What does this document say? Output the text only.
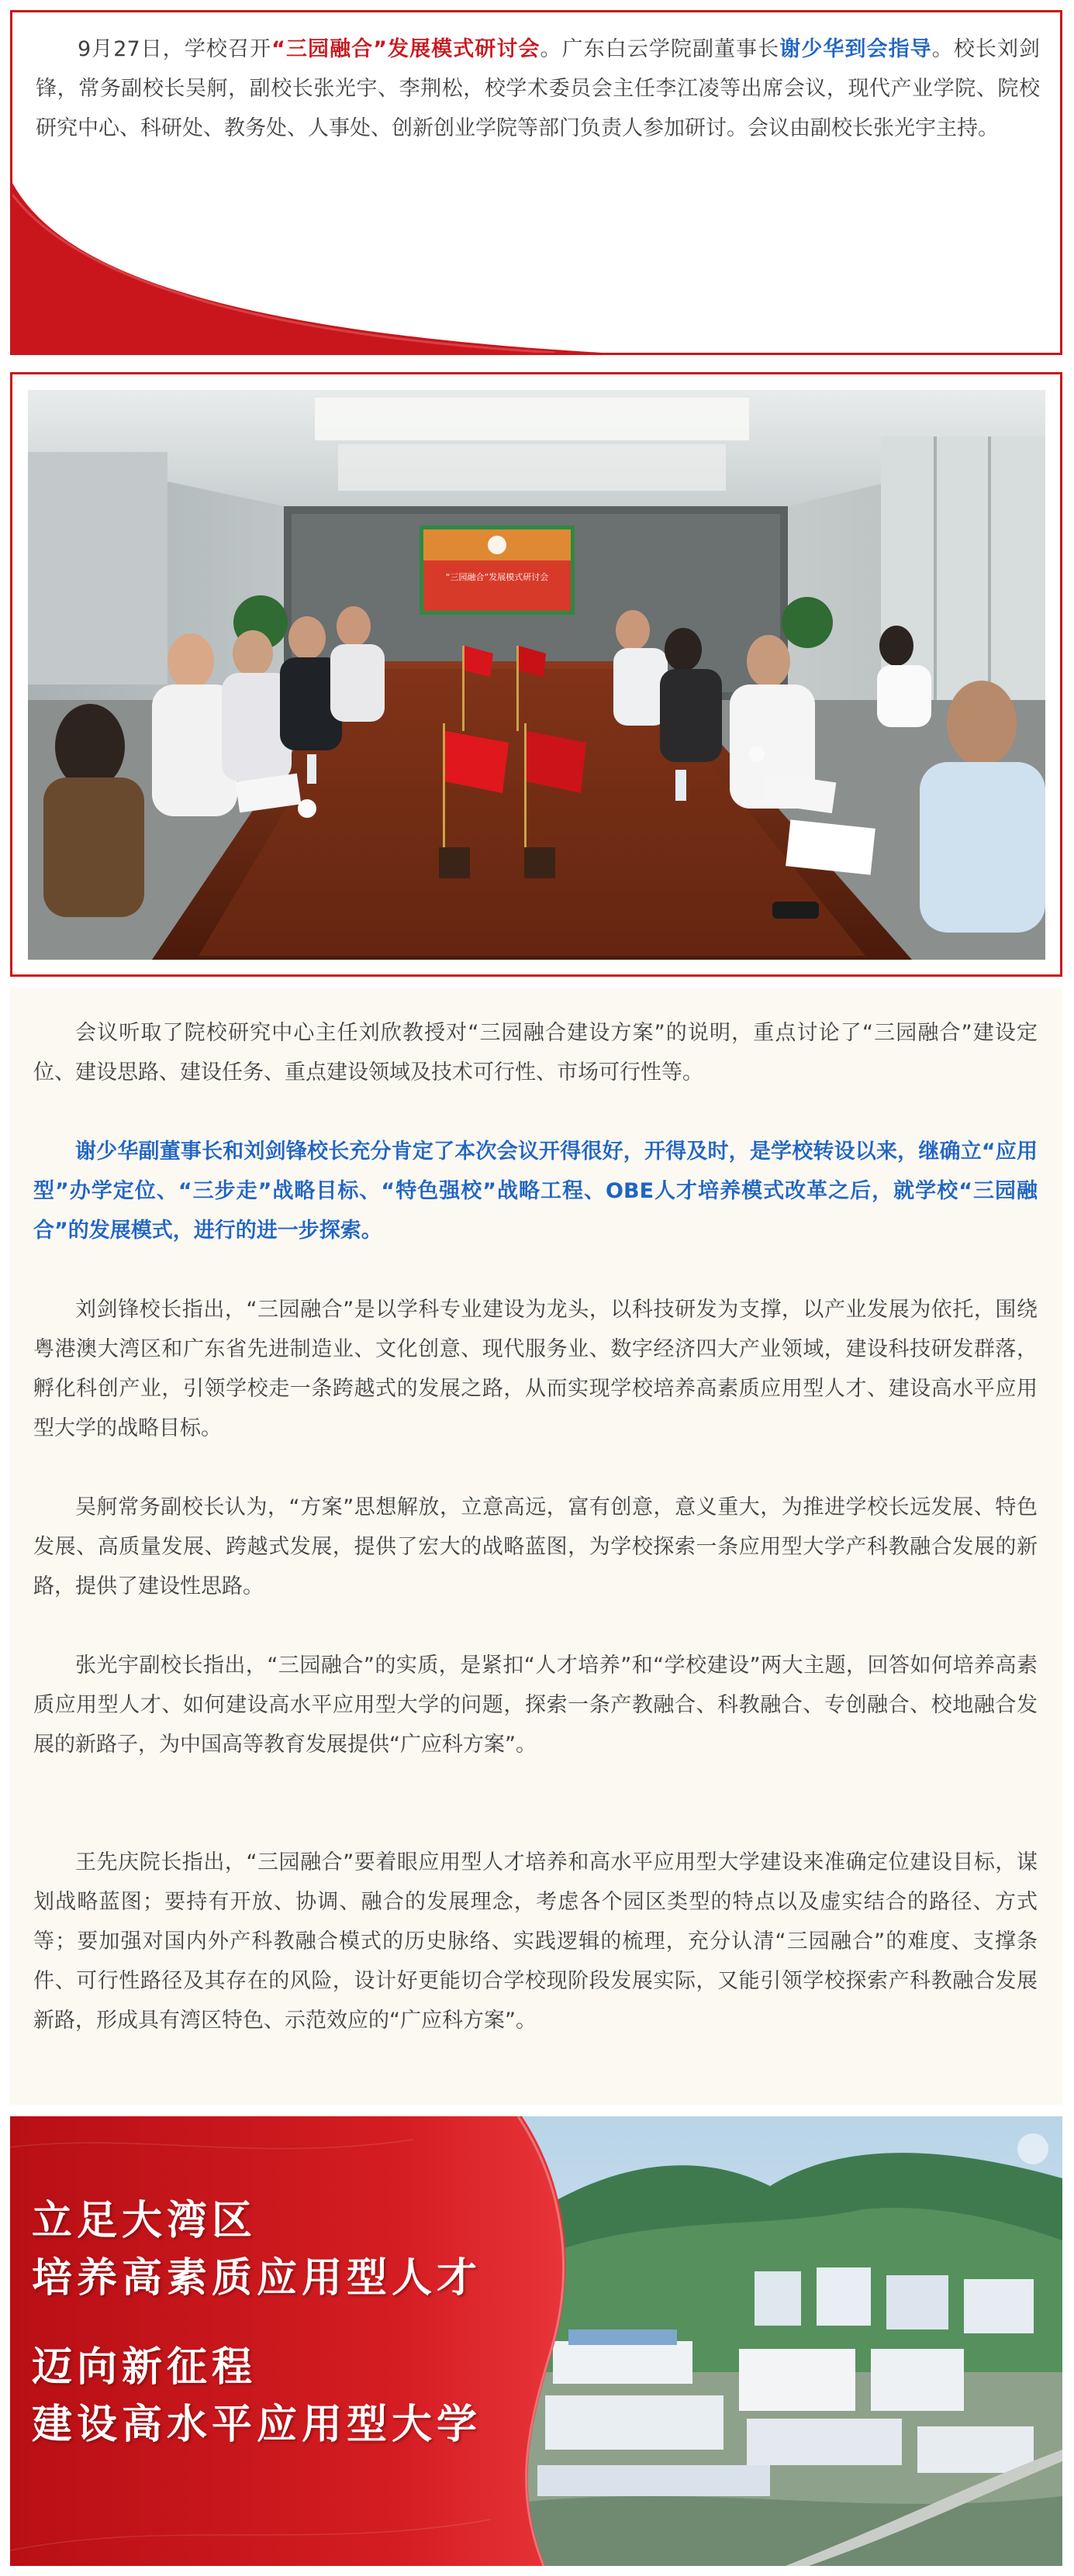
9月27日，学校召开“三园融合”发展模式研讨会。广东白云学院副董事长谢少华到会指导。校长刘剑锋，常务副校长吴舸，副校长张光宇、李荆松，校学术委员会主任李江凌等出席会议，现代产业学院、院校研究中心、科研处、教务处、人事处、创新创业学院等部门负责人参加研讨。会议由副校长张光宇主持。
“三园融合”发展模式研讨会

会议听取了院校研究中心主任刘欣教授对“三园融合建设方案”的说明，重点讨论了“三园融合”建设定位、建设思路、建设任务、重点建设领域及技术可行性、市场可行性等。

谢少华副董事长和刘剑锋校长充分肯定了本次会议开得很好，开得及时，是学校转设以来，继确立“应用型”办学定位、“三步走”战略目标、“特色强校”战略工程、OBE人才培养模式改革之后，就学校“三园融合”的发展模式，进行的进一步探索。

刘剑锋校长指出，“三园融合”是以学科专业建设为龙头，以科技研发为支撑，以产业发展为依托，围绕粤港澳大湾区和广东省先进制造业、文化创意、现代服务业、数字经济四大产业领域，建设科技研发群落，孵化科创产业，引领学校走一条跨越式的发展之路，从而实现学校培养高素质应用型人才、建设高水平应用型大学的战略目标。

吴舸常务副校长认为，“方案”思想解放，立意高远，富有创意，意义重大，为推进学校长远发展、特色发展、高质量发展、跨越式发展，提供了宏大的战略蓝图，为学校探索一条应用型大学产科教融合发展的新路，提供了建设性思路。

张光宇副校长指出，“三园融合”的实质，是紧扣“人才培养”和“学校建设”两大主题，回答如何培养高素质应用型人才、如何建设高水平应用型大学的问题，探索一条产教融合、科教融合、专创融合、校地融合发展的新路子，为中国高等教育发展提供“广应科方案”。

王先庆院长指出，“三园融合”要着眼应用型人才培养和高水平应用型大学建设来准确定位建设目标，谋划战略蓝图；要持有开放、协调、融合的发展理念，考虑各个园区类型的特点以及虚实结合的路径、方式等；要加强对国内外产科教融合模式的历史脉络、实践逻辑的梳理，充分认清“三园融合”的难度、支撑条件、可行性路径及其存在的风险，设计好更能切合学校现阶段发展实际，又能引领学校探索产科教融合发展新路，形成具有湾区特色、示范效应的“广应科方案”。

立足大湾区
培养高素质应用型人才
迈向新征程
建设高水平应用型大学
